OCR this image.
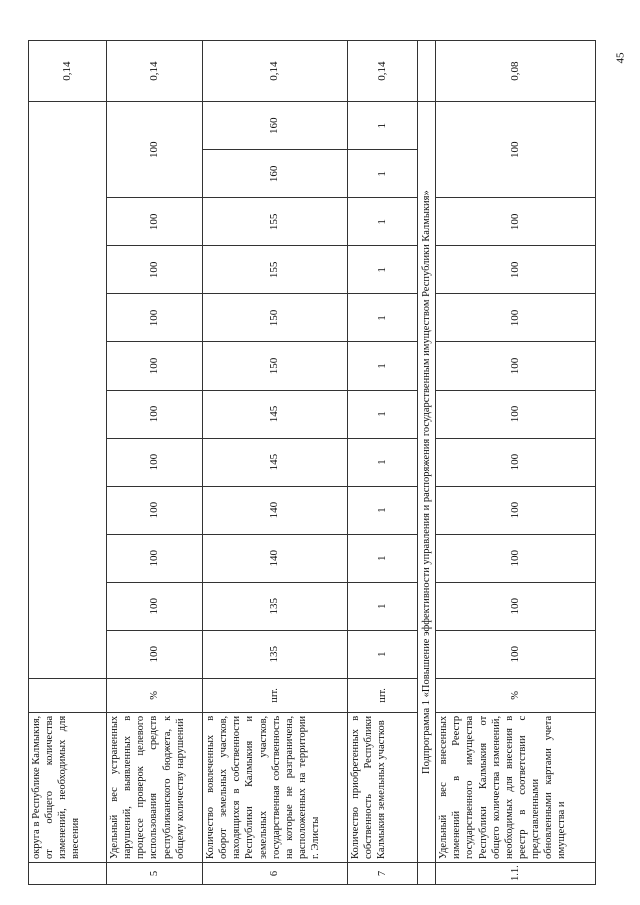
45
	округа в Республике Калмыкия, от общего количества изменений, необходимых для внесения														0,14
5	Удельный вес устраненных нарушений, выявленных в процессе проверок целевого использования средств республиканского бюджета, к общему количеству нарушений	%	100	100	100	100	100	100	100	100	100	100	100		0,14
6	Количество вовлеченных в оборот земельных участков, находящихся в собственности Республики Калмыкия и земельных участков, государственная собственность на которые не разграничена, расположенных на территории г. Элисты	шт.	135	135	140	140	145	145	150	150	155	155	160	160	0,14
7	Количество приобретенных в собственность Республики Калмыкия земельных участков	шт.	1	1	1	1	1	1	1	1	1	1	1	1	0,14
	Подпрограмма 1 «Повышение эффективности управления и распоряжения государственным имуществом Республики Калмыкия»														
1.1.	Удельный вес внесенных изменений в Реестр государственного имущества Республики Калмыкия от общего количества изменений, необходимых для внесения в реестр в соответствии с представленными обновленными картами учета имущества и	%	100	100	100	100	100	100	100	100	100	100	100		0,08
